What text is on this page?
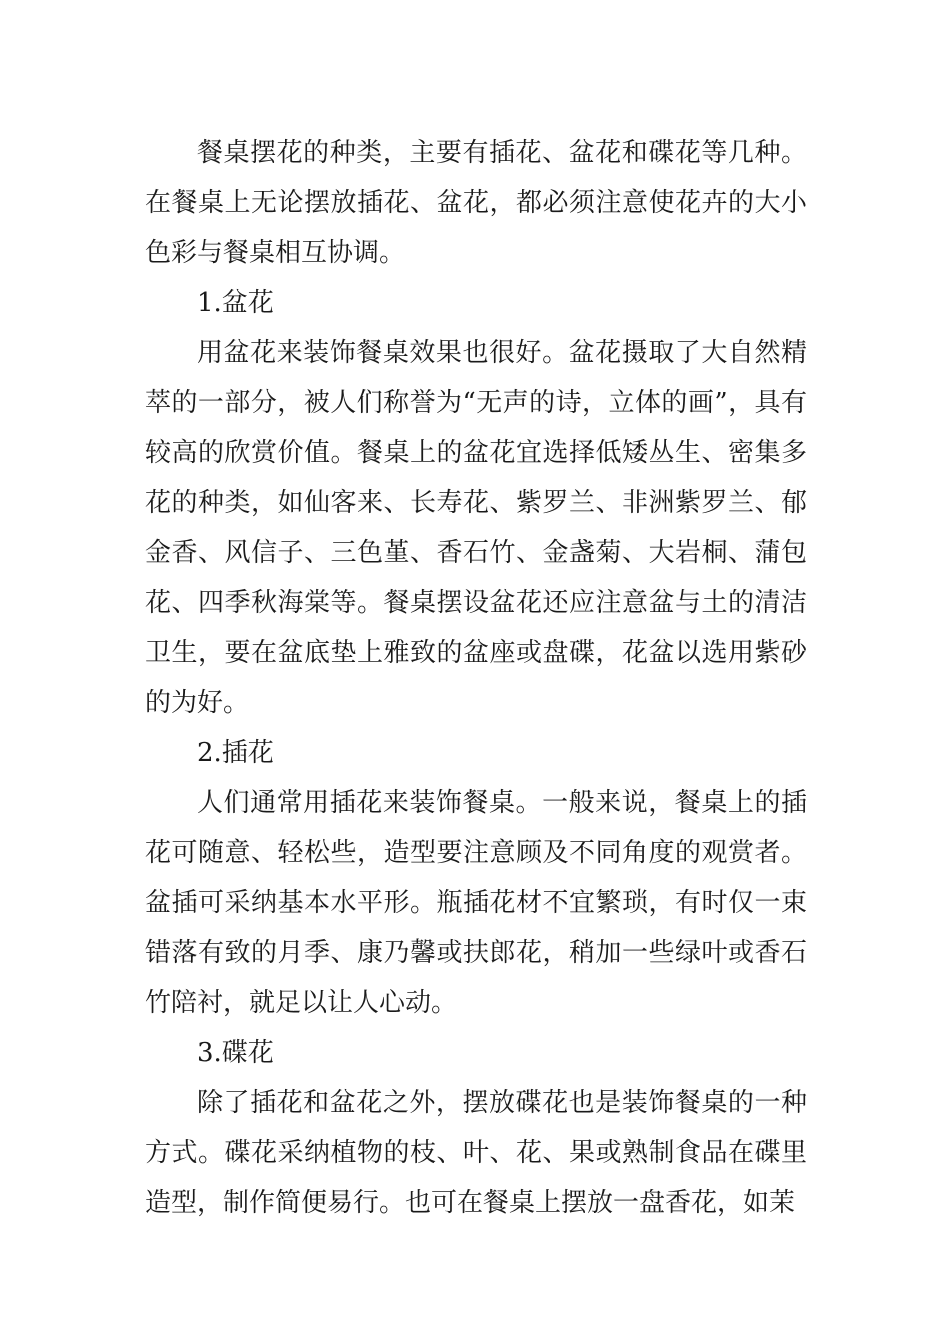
餐桌摆花的种类，主要有插花、盆花和碟花等几种。在餐桌上无论摆放插花、盆花，都必须注意使花卉的大小色彩与餐桌相互协调。

1.盆花

用盆花来装饰餐桌效果也很好。盆花摄取了大自然精萃的一部分，被人们称誉为“无声的诗，立体的画”，具有较高的欣赏价值。餐桌上的盆花宜选择低矮丛生、密集多花的种类，如仙客来、长寿花、紫罗兰、非洲紫罗兰、郁金香、风信子、三色堇、香石竹、金盏菊、大岩桐、蒲包花、四季秋海棠等。餐桌摆设盆花还应注意盆与土的清洁卫生，要在盆底垫上雅致的盆座或盘碟，花盆以选用紫砂的为好。

2.插花

人们通常用插花来装饰餐桌。一般来说，餐桌上的插花可随意、轻松些，造型要注意顾及不同角度的观赏者。盆插可采纳基本水平形。瓶插花材不宜繁琐，有时仅一束错落有致的月季、康乃馨或扶郎花，稍加一些绿叶或香石竹陪衬，就足以让人心动。

3.碟花

除了插花和盆花之外，摆放碟花也是装饰餐桌的一种方式。碟花采纳植物的枝、叶、花、果或熟制食品在碟里造型，制作简便易行。也可在餐桌上摆放一盘香花，如茉
